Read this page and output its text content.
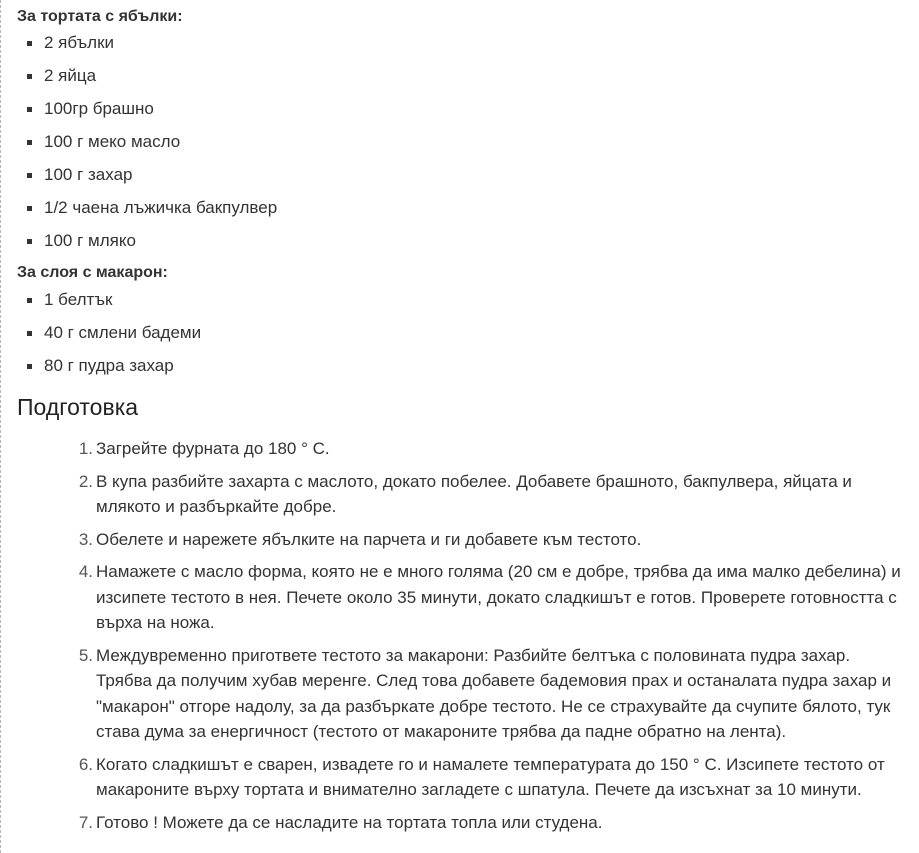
За тортата с ябълки:

2 ябълки
2 яйца
100гр брашно
100 г меко масло
100 г захар
1/2 чаена лъжичка бакпулвер
100 г мляко

За слоя с макарон:

1 белтък
40 г смлени бадеми
80 г пудра захар
Подготовка
1. Загрейте фурната до 180 ° С.
2. В купа разбийте захарта с маслото, докато побелее. Добавете брашното, бакпулвера, яйцата и млякото и разбъркайте добре.
3. Обелете и нарежете ябълките на парчета и ги добавете към тестото.
4. Намажете с масло форма, която не е много голяма (20 см е добре, трябва да има малко дебелина) и изсипете тестото в нея. Печете около 35 минути, докато сладкишът е готов. Проверете готовността с върха на ножа.
5. Междувременно пригответе тестото за макарони: Разбийте белтъка с половината пудра захар. Трябва да получим хубав меренге. След това добавете бадемовия прах и останалата пудра захар и "макарон" отгоре надолу, за да разбъркате добре тестото. Не се страхувайте да счупите бялото, тук става дума за енергичност (тестото от макароните трябва да падне обратно на лента).
6. Когато сладкишът е сварен, извадете го и намалете температурата до 150 ° С. Изсипете тестото от макароните върху тортата и внимателно загладете с шпатула. Печете да изсъхнат за 10 минути.
7. Готово ! Можете да се насладите на тортата топла или студена.
